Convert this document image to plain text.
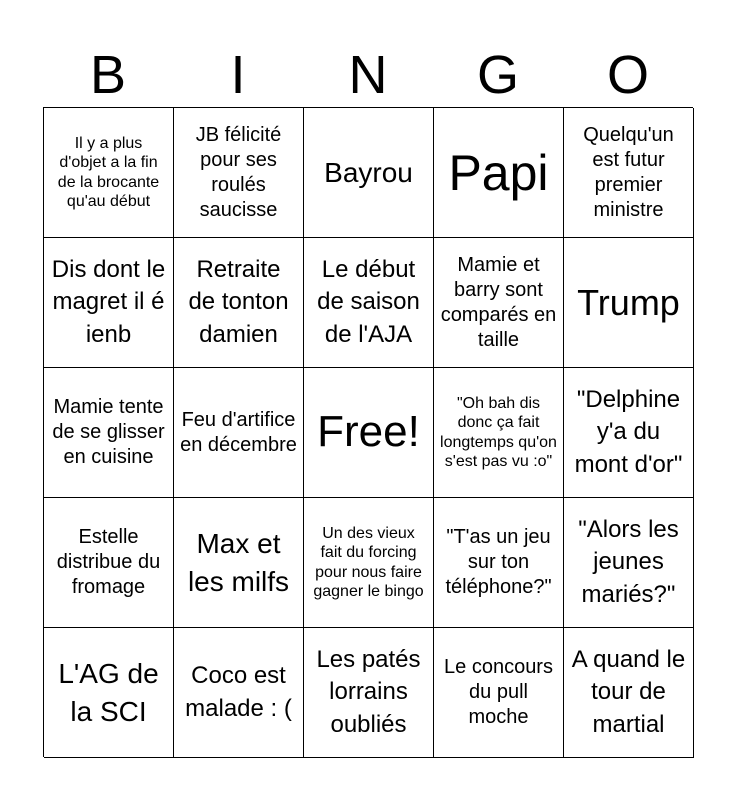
B	I	N	G	O
Il y a plus d'objet a la fin de la brocante qu'au début
JB félicité pour ses roulés saucisse
Bayrou Papi
Quelqu'un est futur premier ministre
Dis dont le magret il é ienb
Retraite de tonton damien
Le début de saison de l'AJA
Mamie et barry sont comparés en taille
Trump
Mamie tente de se glisser en cuisine
Feu d'artifice en décembre Free!
"Oh bah dis donc ça fait longtemps qu'on s'est pas vu :o"
"Delphine y'a du mont d'or"
Estelle distribue du fromage
Max et les milfs
Un des vieux fait du forcing pour nous faire gagner le bingo
"T'as un jeu sur ton téléphone?"
"Alors les jeunes mariés?"
L'AG de la SCI
Coco est malade : (
Les patés lorrains oubliés
Le concours du pull moche
A quand le tour de martial
